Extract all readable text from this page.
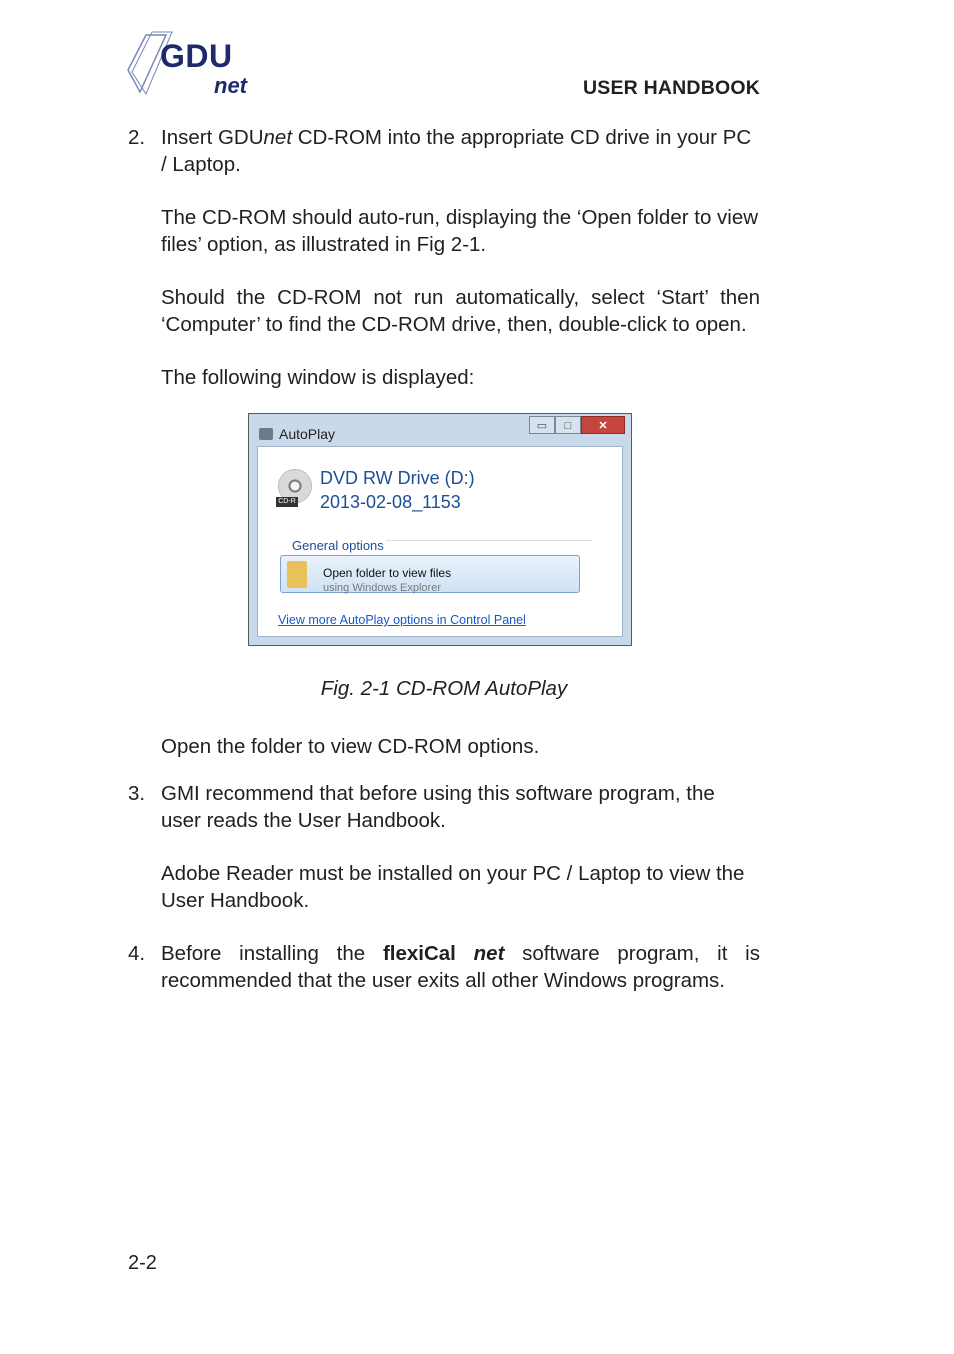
GDU
net	USER HANDBOOK
2. Insert GDUnet CD-ROM into the appropriate CD drive in your PC / Laptop.

The CD-ROM should auto-run, displaying the ‘Open folder to view files’ option, as illustrated in Fig 2-1.

Should the CD-ROM not run automatically, select ‘Start’ then ‘Computer’ to find the CD-ROM drive, then, double-click to open.

The following window is displayed:

AutoPlay	▭	□	✕
CD-R
DVD RW Drive (D:)
2013-02-08_1153
General options
Open folder to view files
using Windows Explorer
View more AutoPlay options in Control Panel

Fig. 2-1 CD-ROM AutoPlay

Open the folder to view CD-ROM options.

3. GMI recommend that before using this software program, the user reads the User Handbook.

Adobe Reader must be installed on your PC / Laptop to view the User Handbook.

4. Before installing the flexiCal net software program, it is recommended that the user exits all other Windows programs.

2-2
